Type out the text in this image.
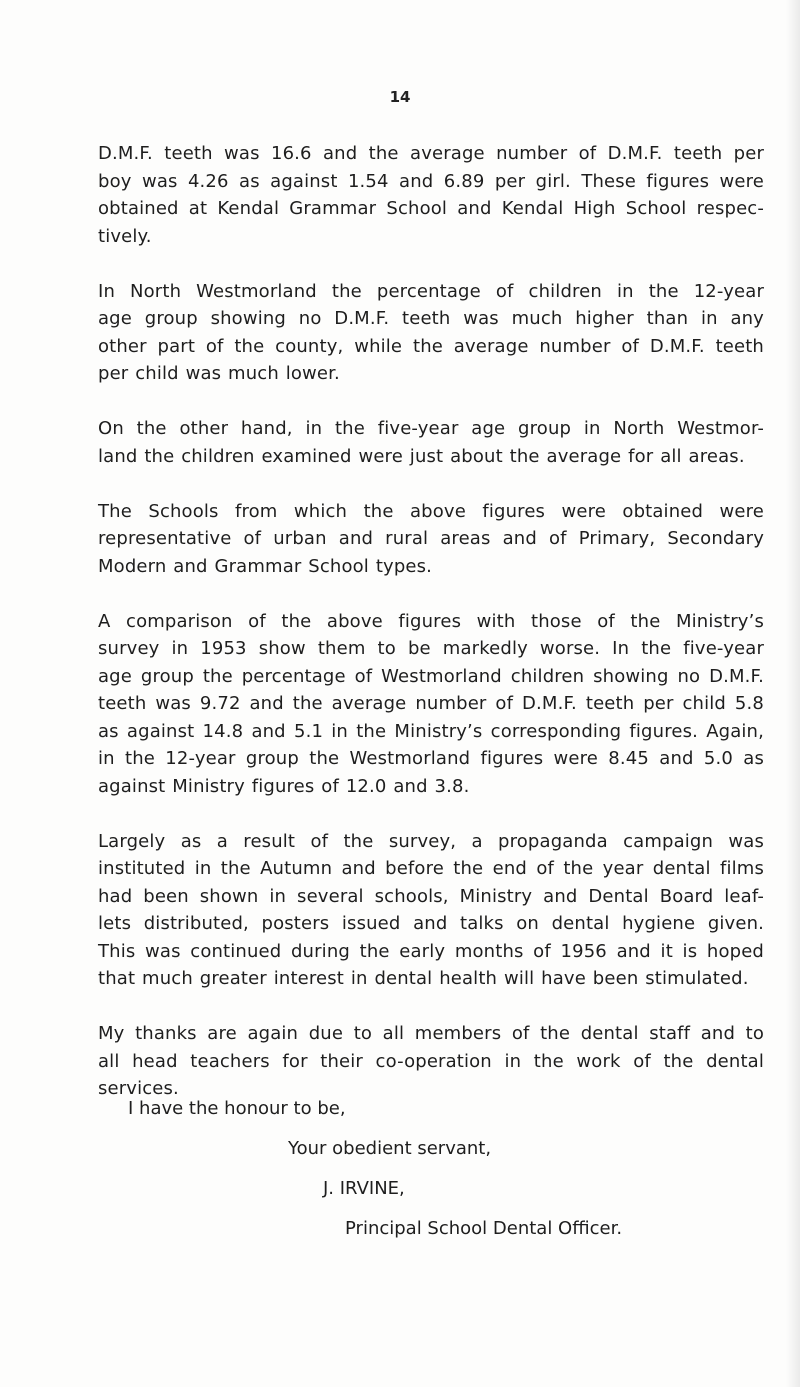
14

D.M.F. teeth was 16.6 and the average number of D.M.F. teeth per
boy was 4.26 as against 1.54 and 6.89 per girl. These figures were
obtained at Kendal Grammar School and Kendal High School respec-
tively.

In North Westmorland the percentage of children in the 12-year
age group showing no D.M.F. teeth was much higher than in any
other part of the county, while the average number of D.M.F. teeth
per child was much lower.

On the other hand, in the five-year age group in North Westmor-
land the children examined were just about the average for all areas.

The Schools from which the above figures were obtained were
representative of urban and rural areas and of Primary, Secondary
Modern and Grammar School types.

A comparison of the above figures with those of the Ministry’s
survey in 1953 show them to be markedly worse. In the five-year
age group the percentage of Westmorland children showing no D.M.F.
teeth was 9.72 and the average number of D.M.F. teeth per child 5.8
as against 14.8 and 5.1 in the Ministry’s corresponding figures. Again,
in the 12-year group the Westmorland figures were 8.45 and 5.0 as
against Ministry figures of 12.0 and 3.8.

Largely as a result of the survey, a propaganda campaign was
instituted in the Autumn and before the end of the year dental films
had been shown in several schools, Ministry and Dental Board leaf-
lets distributed, posters issued and talks on dental hygiene given.
This was continued during the early months of 1956 and it is hoped
that much greater interest in dental health will have been stimulated.

My thanks are again due to all members of the dental staff and to
all head teachers for their co-operation in the work of the dental
services.

I have the honour to be,
Your obedient servant,
J. IRVINE,
Principal School Dental Officer.
